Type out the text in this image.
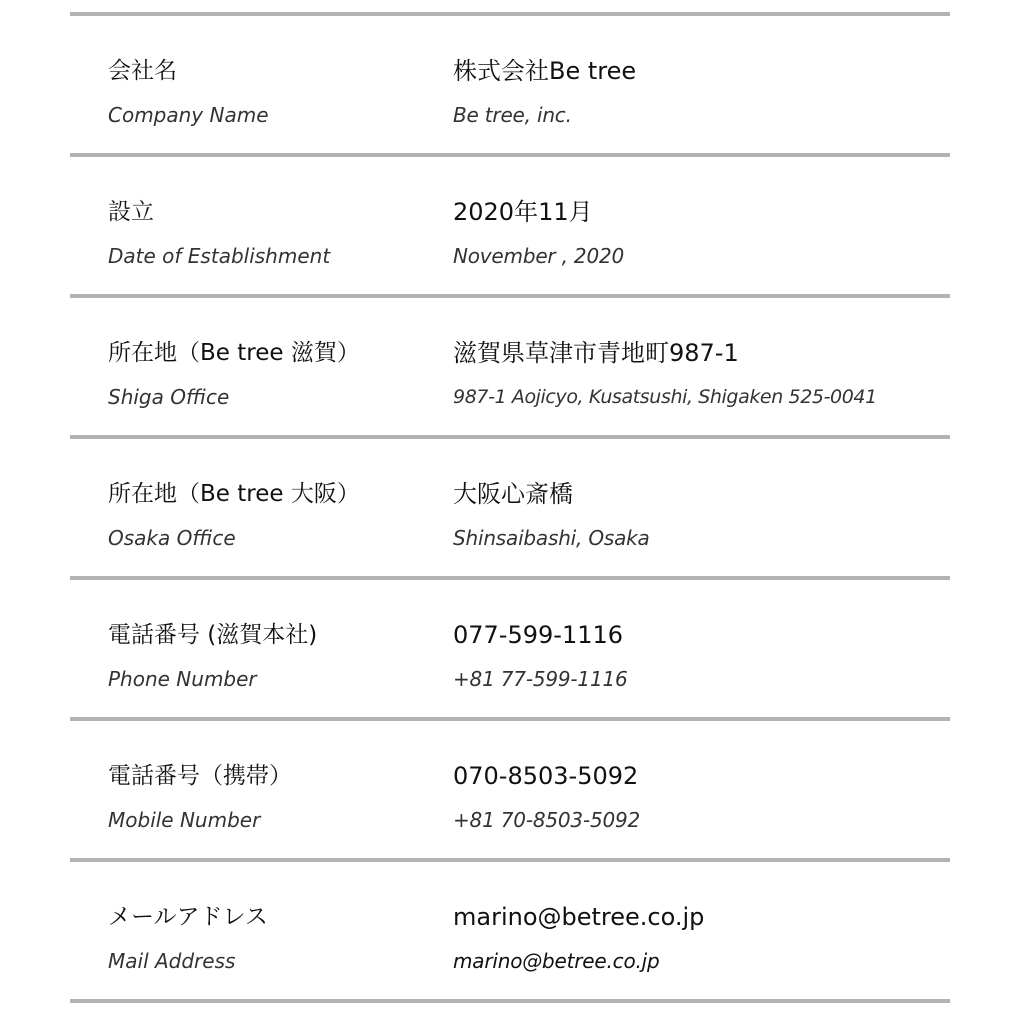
会社名
Company Name
株式会社Be tree
Be tree, inc.
設立
Date of Establishment
2020年11月
November , 2020
所在地（Be tree 滋賀）
Shiga Office
滋賀県草津市青地町987-1
987-1 Aojicyo, Kusatsushi, Shigaken 525-0041
所在地（Be tree 大阪）
Osaka Office
大阪心斎橋
Shinsaibashi, Osaka
電話番号 (滋賀本社)
Phone Number
077-599-1116
+81 77-599-1116
電話番号（携帯）
Mobile Number
070-8503-5092
+81 70-8503-5092
メールアドレス
Mail Address
marino@betree.co.jp
marino@betree.co.jp
